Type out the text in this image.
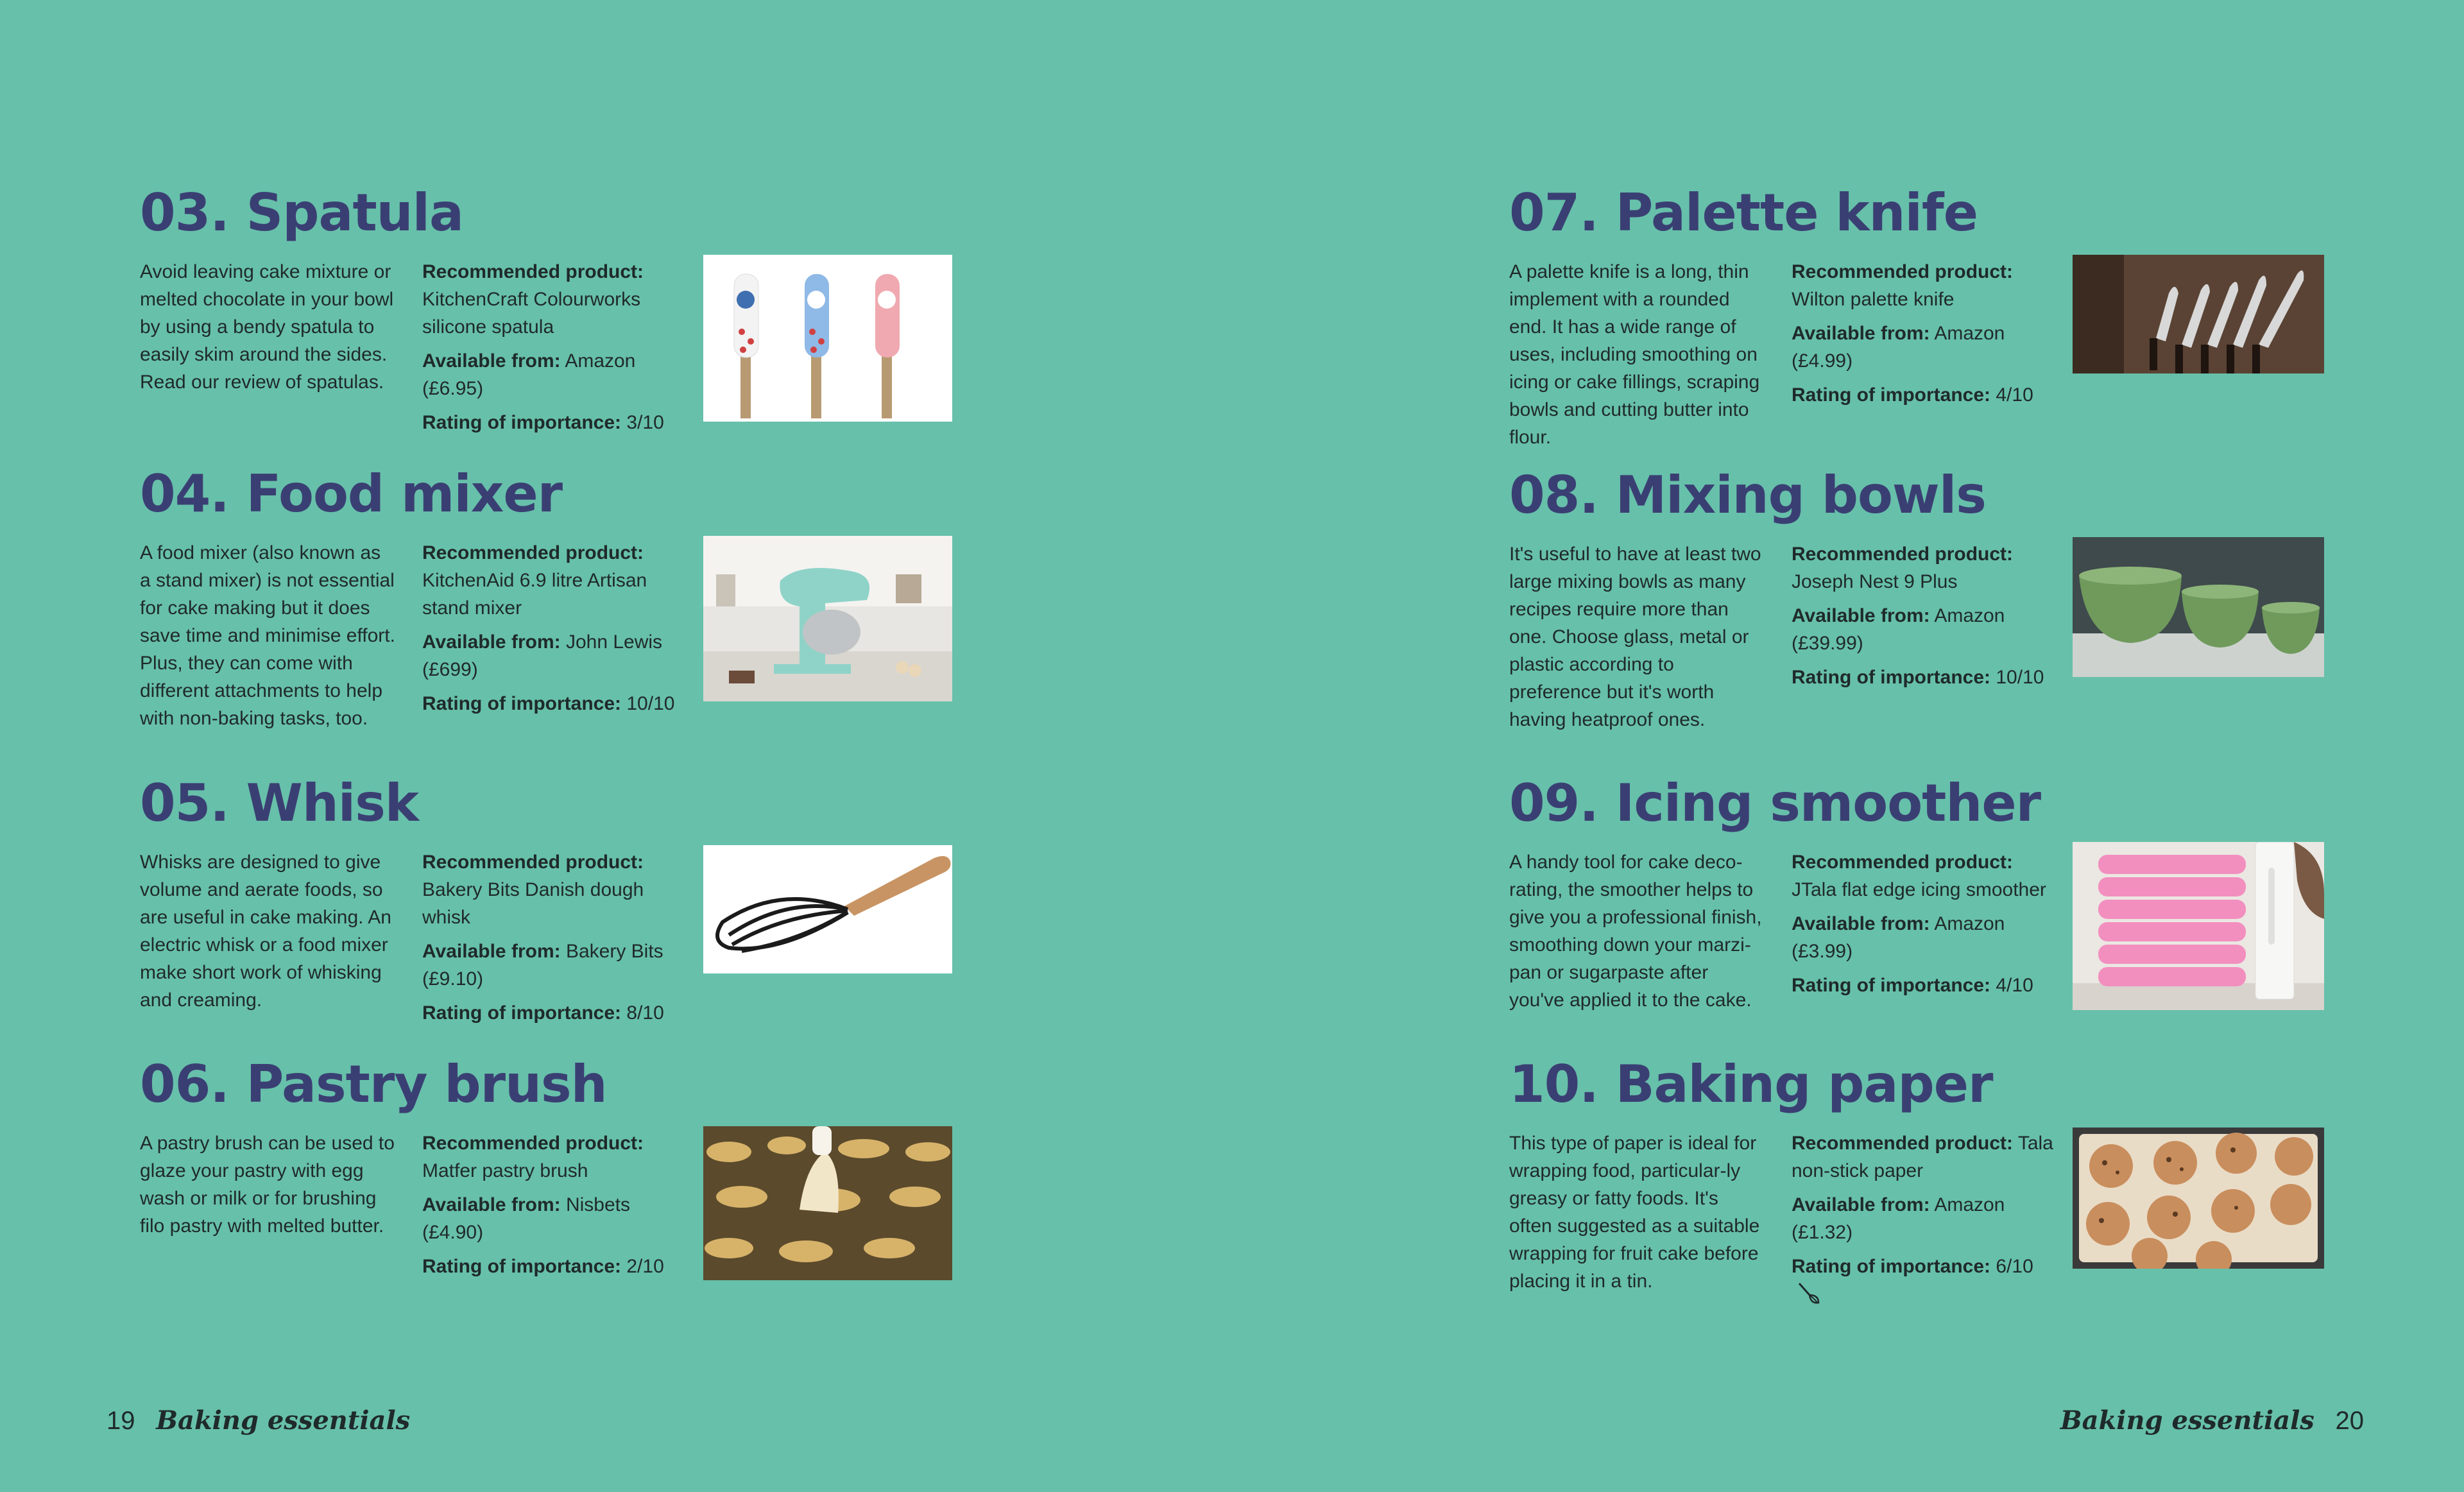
03. Spatula
Avoid leaving cake mixture or melted chocolate in your bowl by using a bendy spatula to easily skim around the sides. Read our review of spatulas.

Recommended product: KitchenCraft Colourworks silicone spatula

Available from: Amazon (£6.95)

Rating of importance: 3/10

04. Food mixer
A food mixer (also known as a stand mixer) is not essential for cake making but it does save time and minimise effort. Plus, they can come with different attachments to help with non-baking tasks, too.

Recommended product: KitchenAid 6.9 litre Artisan stand mixer

Available from: John Lewis (£699)

Rating of importance: 10/10

05. Whisk
Whisks are designed to give volume and aerate foods, so are useful in cake making. An electric whisk or a food mixer make short work of whisking and creaming.

Recommended product: Bakery Bits Danish dough whisk

Available from: Bakery Bits (£9.10)

Rating of importance: 8/10

06. Pastry brush
A pastry brush can be used to glaze your pastry with egg wash or milk or for brushing filo pastry with melted butter.

Recommended product: Matfer pastry brush

Available from: Nisbets (£4.90)

Rating of importance: 2/10

07. Palette knife
A palette knife is a long, thin implement with a rounded end. It has a wide range of uses, including smoothing on icing or cake fillings, scraping bowls and cutting butter into flour.

Recommended product: Wilton palette knife

Available from: Amazon (£4.99)

Rating of importance: 4/10

08. Mixing bowls
It's useful to have at least two large mixing bowls as many recipes require more than one. Choose glass, metal or plastic according to preference but it's worth having heatproof ones.

Recommended product: Joseph Nest 9 Plus

Available from: Amazon (£39.99)

Rating of importance: 10/10

09. Icing smoother
A handy tool for cake deco-rating, the smoother helps to give you a professional finish, smoothing down your marzi-pan or sugarpaste after you've applied it to the cake.

Recommended product: JTala flat edge icing smoother

Available from: Amazon (£3.99)

Rating of importance: 4/10

10. Baking paper
This type of paper is ideal for wrapping food, particular-ly greasy or fatty foods. It's often suggested as a suitable wrapping for fruit cake before placing it in a tin.

Recommended product: Tala non-stick paper

Available from: Amazon (£1.32)

Rating of importance: 6/10

19 Baking essentials	Baking essentials 20
